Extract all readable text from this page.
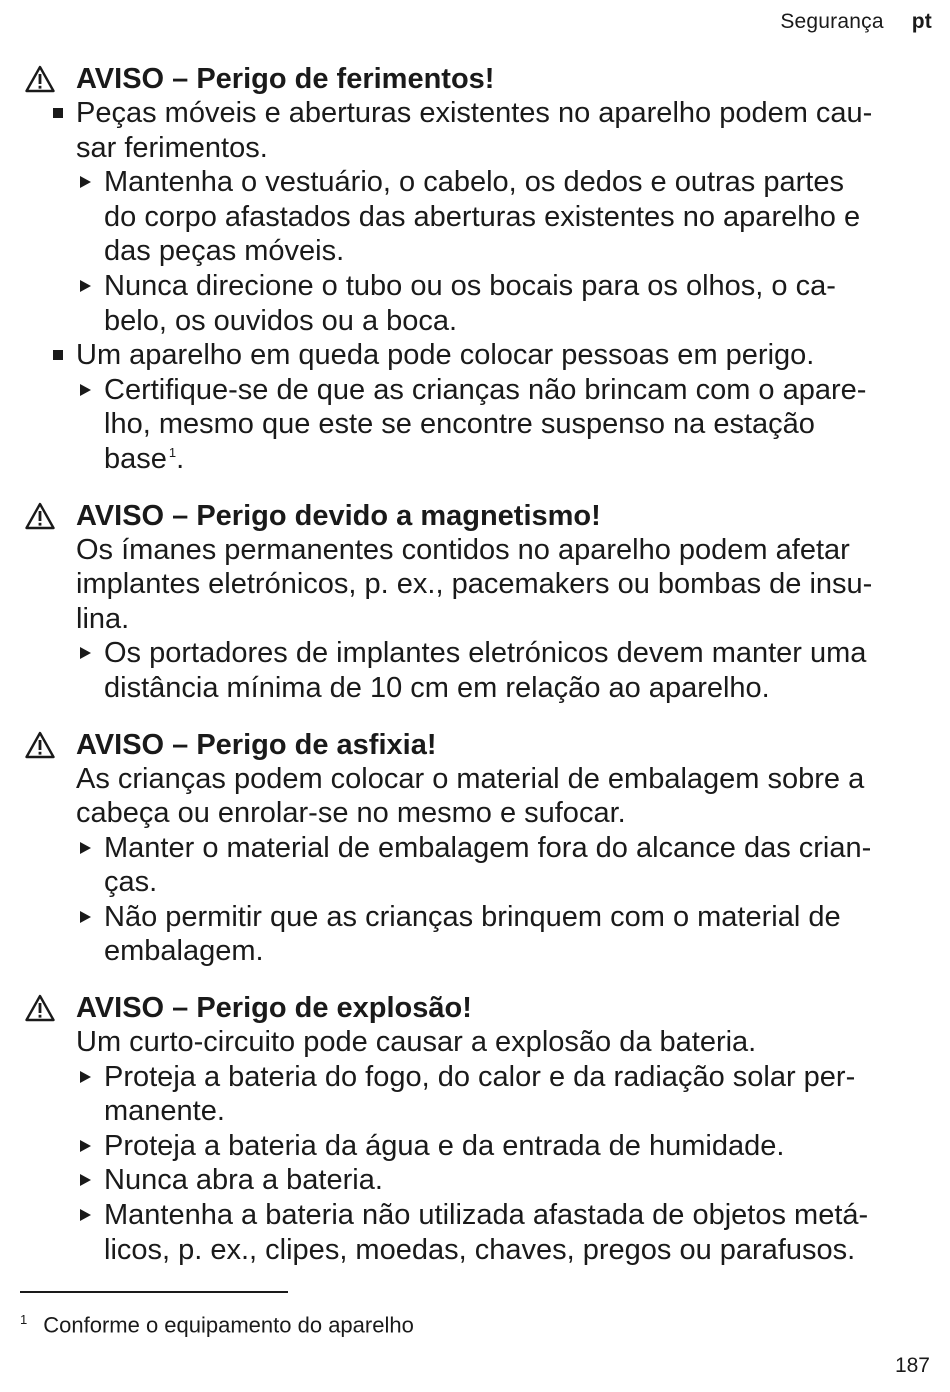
Segurança pt
AVISO – Perigo de ferimentos!
Peças móveis e aberturas existentes no aparelho podem cau-
sar ferimentos.
Mantenha o vestuário, o cabelo, os dedos e outras partes
do corpo afastados das aberturas existentes no aparelho e
das peças móveis.
Nunca direcione o tubo ou os bocais para os olhos, o ca-
belo, os ouvidos ou a boca.
Um aparelho em queda pode colocar pessoas em perigo.
Certifique-se de que as crianças não brincam com o apare-
lho, mesmo que este se encontre suspenso na estação
base $^1$.
AVISO – Perigo devido a magnetismo!
Os ímanes permanentes contidos no aparelho podem afetar
implantes eletrónicos, p. ex., pacemakers ou bombas de insu-
lina.
Os portadores de implantes eletrónicos devem manter uma
distância mínima de 10 cm em relação ao aparelho.
AVISO – Perigo de asfixia!
As crianças podem colocar o material de embalagem sobre a
cabeça ou enrolar-se no mesmo e sufocar.
Manter o material de embalagem fora do alcance das crian-
ças.
Não permitir que as crianças brinquem com o material de
embalagem.
AVISO – Perigo de explosão!
Um curto-circuito pode causar a explosão da bateria.
Proteja a bateria do fogo, do calor e da radiação solar per-
manente.
Proteja a bateria da água e da entrada de humidade.
Nunca abra a bateria.
Mantenha a bateria não utilizada afastada de objetos metá-
licos, p. ex., clipes, moedas, chaves, pregos ou parafusos.
$^1$ Conforme o equipamento do aparelho
187
